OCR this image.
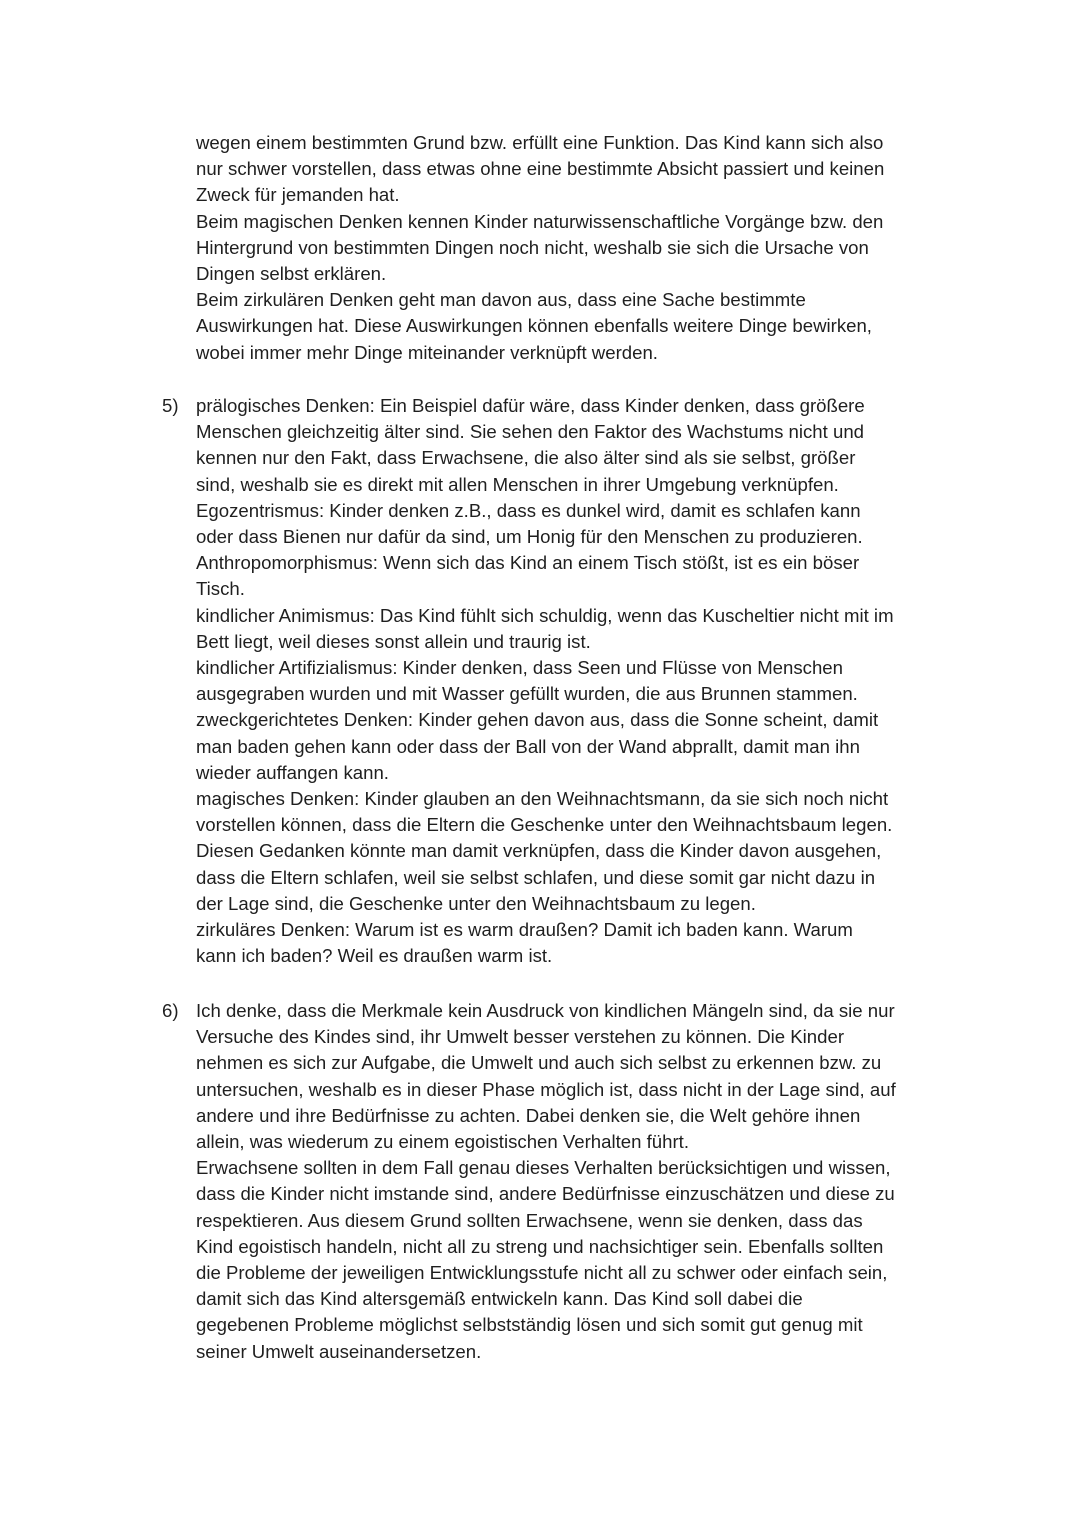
wegen einem bestimmten Grund bzw. erfüllt eine Funktion. Das Kind kann sich also

nur schwer vorstellen, dass etwas ohne eine bestimmte Absicht passiert und keinen

Zweck für jemanden hat.

Beim magischen Denken kennen Kinder naturwissenschaftliche Vorgänge bzw. den

Hintergrund von bestimmten Dingen noch nicht, weshalb sie sich die Ursache von

Dingen selbst erklären.

Beim zirkulären Denken geht man davon aus, dass eine Sache bestimmte

Auswirkungen hat. Diese Auswirkungen können ebenfalls weitere Dinge bewirken,

wobei immer mehr Dinge miteinander verknüpft werden.

5) prälogisches Denken: Ein Beispiel dafür wäre, dass Kinder denken, dass größere

Menschen gleichzeitig älter sind. Sie sehen den Faktor des Wachstums nicht und

kennen nur den Fakt, dass Erwachsene, die also älter sind als sie selbst, größer

sind, weshalb sie es direkt mit allen Menschen in ihrer Umgebung verknüpfen.

Egozentrismus: Kinder denken z.B., dass es dunkel wird, damit es schlafen kann

oder dass Bienen nur dafür da sind, um Honig für den Menschen zu produzieren.

Anthropomorphismus: Wenn sich das Kind an einem Tisch stößt, ist es ein böser

Tisch.

kindlicher Animismus: Das Kind fühlt sich schuldig, wenn das Kuscheltier nicht mit im

Bett liegt, weil dieses sonst allein und traurig ist.

kindlicher Artifizialismus: Kinder denken, dass Seen und Flüsse von Menschen

ausgegraben wurden und mit Wasser gefüllt wurden, die aus Brunnen stammen.

zweckgerichtetes Denken: Kinder gehen davon aus, dass die Sonne scheint, damit

man baden gehen kann oder dass der Ball von der Wand abprallt, damit man ihn

wieder auffangen kann.

magisches Denken: Kinder glauben an den Weihnachtsmann, da sie sich noch nicht

vorstellen können, dass die Eltern die Geschenke unter den Weihnachtsbaum legen.

Diesen Gedanken könnte man damit verknüpfen, dass die Kinder davon ausgehen,

dass die Eltern schlafen, weil sie selbst schlafen, und diese somit gar nicht dazu in

der Lage sind, die Geschenke unter den Weihnachtsbaum zu legen.

zirkuläres Denken: Warum ist es warm draußen? Damit ich baden kann. Warum

kann ich baden? Weil es draußen warm ist.

6) Ich denke, dass die Merkmale kein Ausdruck von kindlichen Mängeln sind, da sie nur

Versuche des Kindes sind, ihr Umwelt besser verstehen zu können. Die Kinder

nehmen es sich zur Aufgabe, die Umwelt und auch sich selbst zu erkennen bzw. zu

untersuchen, weshalb es in dieser Phase möglich ist, dass nicht in der Lage sind, auf

andere und ihre Bedürfnisse zu achten. Dabei denken sie, die Welt gehöre ihnen

allein, was wiederum zu einem egoistischen Verhalten führt.

Erwachsene sollten in dem Fall genau dieses Verhalten berücksichtigen und wissen,

dass die Kinder nicht imstande sind, andere Bedürfnisse einzuschätzen und diese zu

respektieren. Aus diesem Grund sollten Erwachsene, wenn sie denken, dass das

Kind egoistisch handeln, nicht all zu streng und nachsichtiger sein. Ebenfalls sollten

die Probleme der jeweiligen Entwicklungsstufe nicht all zu schwer oder einfach sein,

damit sich das Kind altersgemäß entwickeln kann. Das Kind soll dabei die

gegebenen Probleme möglichst selbstständig lösen und sich somit gut genug mit

seiner Umwelt auseinandersetzen.
